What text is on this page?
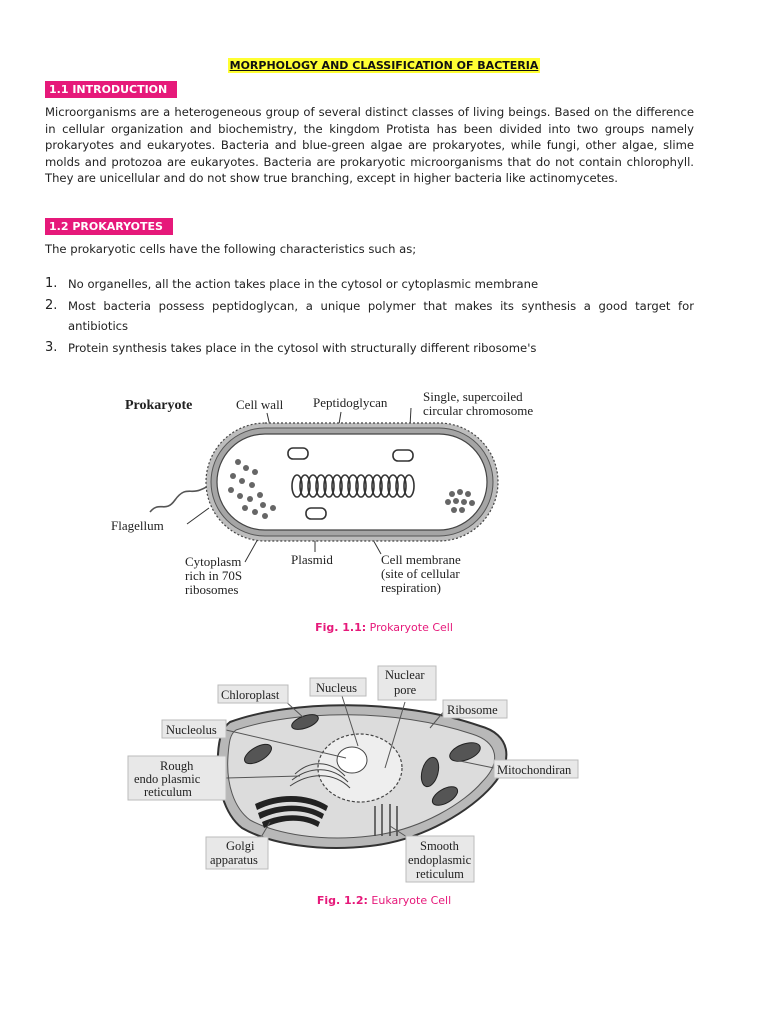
MORPHOLOGY AND CLASSIFICATION OF BACTERIA
1.1 INTRODUCTION

Microorganisms are a heterogeneous group of several distinct classes of living beings. Based on the difference in cellular organization and biochemistry, the kingdom Protista has been divided into two groups namely prokaryotes and eukaryotes. Bacteria and blue-green algae are prokaryotes, while fungi, other algae, slime molds and protozoa are eukaryotes. Bacteria are prokaryotic microorganisms that do not contain chlorophyll. They are unicellular and do not show true branching, except in higher bacteria like actinomycetes.

1.2 PROKARYOTES

The prokaryotic cells have the following characteristics such as;

1. No organelles, all the action takes place in the cytosol or cytoplasmic membrane
2. Most bacteria possess peptidoglycan, a unique polymer that makes its synthesis a good target for antibiotics
3. Protein synthesis takes place in the cytosol with structurally different ribosome's
Prokaryote	Cell wall Peptidoglycan	Single, supercoiled
circular chromosome
Flagellum
Cytoplasm
rich in 70S
ribosomes
Plasmid	Cell membrane
(site of cellular
respiration)
Fig. 1.1: Prokaryote Cell
Chloroplast	Nucleus
Nuclear
pore
Ribosome
Nucleolus
Rough
endo plasmic
reticulum
Mitochondiran
Golgi
apparatus
Smooth
endoplasmic
reticulum
Fig. 1.2: Eukaryote Cell
